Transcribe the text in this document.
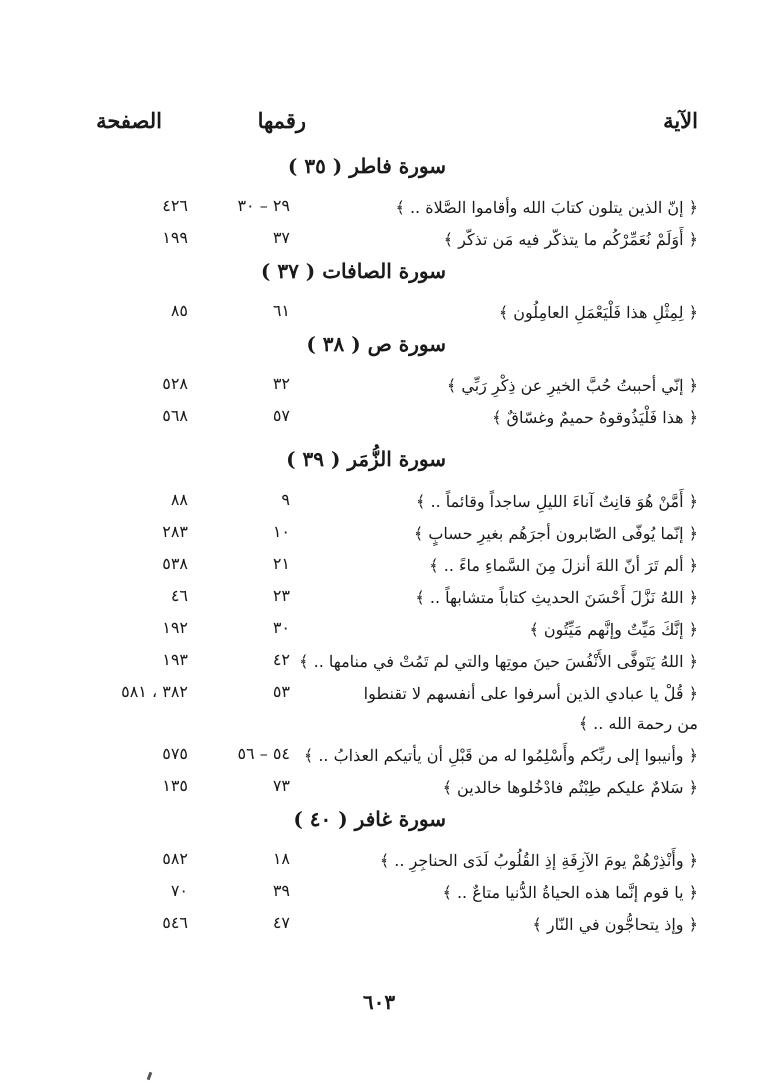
الآية
رقمها
الصفحة
سورة فاطر ( ٣٥ )
﴿ إنّ الذين يتلون كتابَ الله وأقاموا الصَّلاة .. ﴾
٢٩ – ٣٠
٤٢٦
﴿ أَوَلَمْ نُعَمِّرْكُم ما يتذكّر فيه مَن تذكّر ﴾
٣٧
١٩٩
سورة الصافات ( ٣٧ )
﴿ لِمِثْلِ هذا فَلْيَعْمَلِ العامِلُون ﴾
٦١
٨٥
سورة ص ( ٣٨ )
﴿ إنّي أحببتُ حُبَّ الخيرِ عن ذِكْرِ رَبِّي ﴾
٣٢
٥٢٨
﴿ هذا فَلْيَذُوقوهُ حميمٌ وغسّاقٌ ﴾
٥٧
٥٦٨
سورة الزُّمَر ( ٣٩ )
﴿ أَمَّنْ هُوَ قانِتٌ آناءَ الليلِ ساجداً وقائماً .. ﴾
٩
٨٨
﴿ إنّما يُوفّى الصّابرون أجرَهُم بغيرِ حسابٍ ﴾
١٠
٢٨٣
﴿ ألم تَرَ أنّ اللهَ أنزلَ مِنَ السَّماءِ ماءً .. ﴾
٢١
٥٣٨
﴿ اللهُ نَزَّلَ أَحْسَنَ الحديثِ كتاباً متشابهاً .. ﴾
٢٣
٤٦
﴿ إنَّكَ مَيِّتٌ وإنَّهم مَيِّتُون ﴾
٣٠
١٩٢
﴿ اللهُ يَتَوفَّى الأَنْفُسَ حينَ موتِها والتي لم تَمُتْ في منامها .. ﴾
٤٢
١٩٣
﴿ قُلْ يا عبادي الذين أسرفوا على أنفسهم لا تقنطوا من رحمة الله .. ﴾
٥٣
٣٨٢ ، ٥٨١
﴿ وأنيبوا إلى ربِّكم وأَسْلِمُوا له من قَبْلِ أن يأتيكم العذابُ .. ﴾
٥٤ – ٥٦
٥٧٥
﴿ سَلامٌ عليكم طِبْتُم فادْخُلوها خالدين ﴾
٧٣
١٣٥
سورة غافر ( ٤٠ )
﴿ وأَنْذِرْهُمْ يومَ الآزِفَةِ إذِ القُلُوبُ لَدَى الحناجِرِ .. ﴾
١٨
٥٨٢
﴿ يا قوم إنَّما هذه الحياةُ الدُّنيا متاعٌ .. ﴾
٣٩
٧٠
﴿ وإذ يتحاجُّون في النّار ﴾
٤٧
٥٤٦
٦٠٣
